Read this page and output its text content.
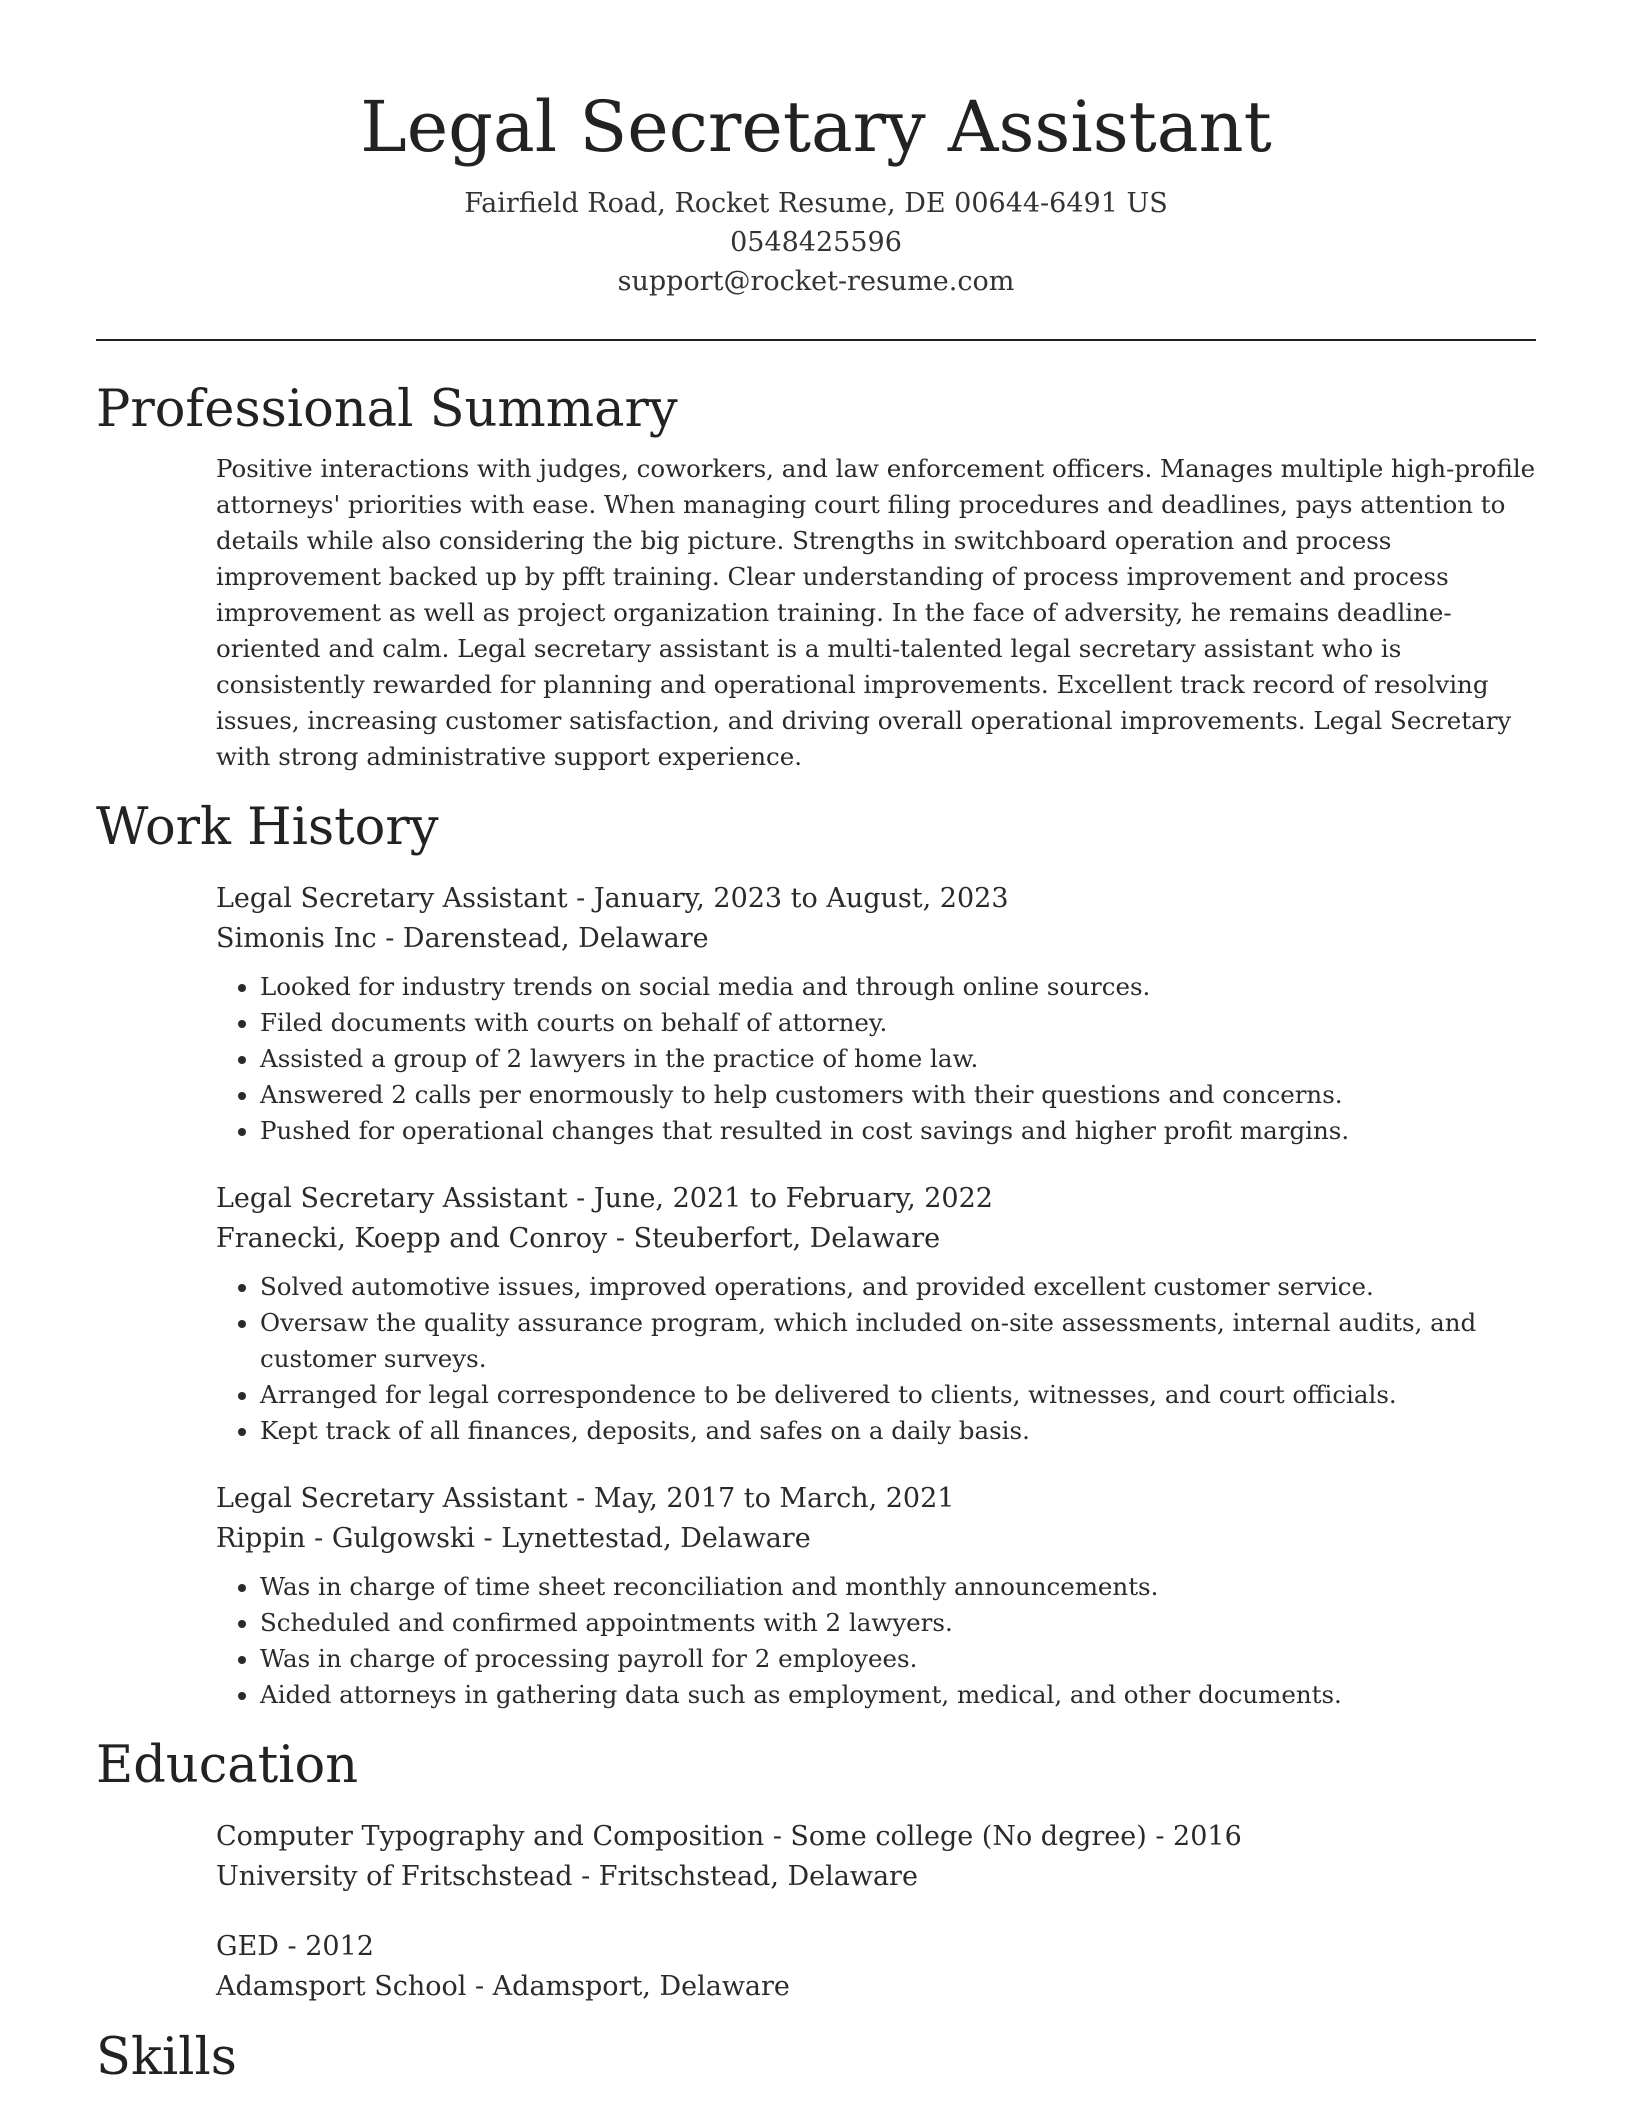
Legal Secretary Assistant
Fairfield Road, Rocket Resume, DE 00644-6491 US
0548425596
support@rocket-resume.com
Professional Summary

Positive interactions with judges, coworkers, and law enforcement officers. Manages multiple high-profile attorneys' priorities with ease. When managing court filing procedures and deadlines, pays attention to details while also considering the big picture. Strengths in switchboard operation and process improvement backed up by pfft training. Clear understanding of process improvement and process improvement as well as project organization training. In the face of adversity, he remains deadline-oriented and calm. Legal secretary assistant is a multi-talented legal secretary assistant who is consistently rewarded for planning and operational improvements. Excellent track record of resolving issues, increasing customer satisfaction, and driving overall operational improvements. Legal Secretary with strong administrative support experience.

Work History
Legal Secretary Assistant - January, 2023 to August, 2023
Simonis Inc - Darenstead, Delaware
• Looked for industry trends on social media and through online sources.
• Filed documents with courts on behalf of attorney.
• Assisted a group of 2 lawyers in the practice of home law.
• Answered 2 calls per enormously to help customers with their questions and concerns.
• Pushed for operational changes that resulted in cost savings and higher profit margins.
Legal Secretary Assistant - June, 2021 to February, 2022
Franecki, Koepp and Conroy - Steuberfort, Delaware
• Solved automotive issues, improved operations, and provided excellent customer service.
• Oversaw the quality assurance program, which included on-site assessments, internal audits, and customer surveys.
• Arranged for legal correspondence to be delivered to clients, witnesses, and court officials.
• Kept track of all finances, deposits, and safes on a daily basis.
Legal Secretary Assistant - May, 2017 to March, 2021
Rippin - Gulgowski - Lynettestad, Delaware
• Was in charge of time sheet reconciliation and monthly announcements.
• Scheduled and confirmed appointments with 2 lawyers.
• Was in charge of processing payroll for 2 employees.
• Aided attorneys in gathering data such as employment, medical, and other documents.
Education
Computer Typography and Composition - Some college (No degree) - 2016
University of Fritschstead - Fritschstead, Delaware
GED - 2012
Adamsport School - Adamsport, Delaware
Skills
